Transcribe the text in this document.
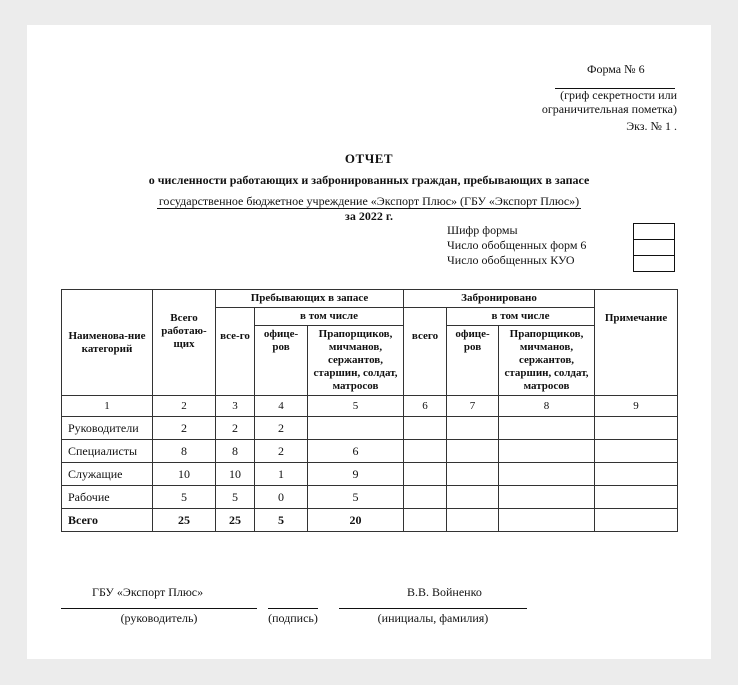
Форма № 6
(гриф секретности или ограничительная пометка)
Экз. № 1 .
ОТЧЕТ
о численности работающих и забронированных граждан, пребывающих в запасе
государственное бюджетное учреждение «Экспорт Плюс» (ГБУ «Экспорт Плюс»)
за 2022 г.
Шифр формы
Число обобщенных форм 6
Число обобщенных КУО
Наименова-ние категорий	Всего работаю-щих	Пребывающих в запасе			Забронировано			Примечание
		все-го	в том числе		всего	в том числе		
			офице-ров	Прапорщиков, мичманов, сержантов, старшин, солдат, матросов		офице-ров	Прапорщиков, мичманов, сержантов, старшин, солдат, матросов	
1	2	3	4	5	6	7	8	9
Руководители	2	2	2					
Специалисты	8	8	2	6				
Служащие	10	10	1	9				
Рабочие	5	5	0	5				
Всего	25	25	5	20				
ГБУ «Экспорт Плюс»	В.В. Войненко
(руководитель)	(подпись)	(инициалы, фамилия)
